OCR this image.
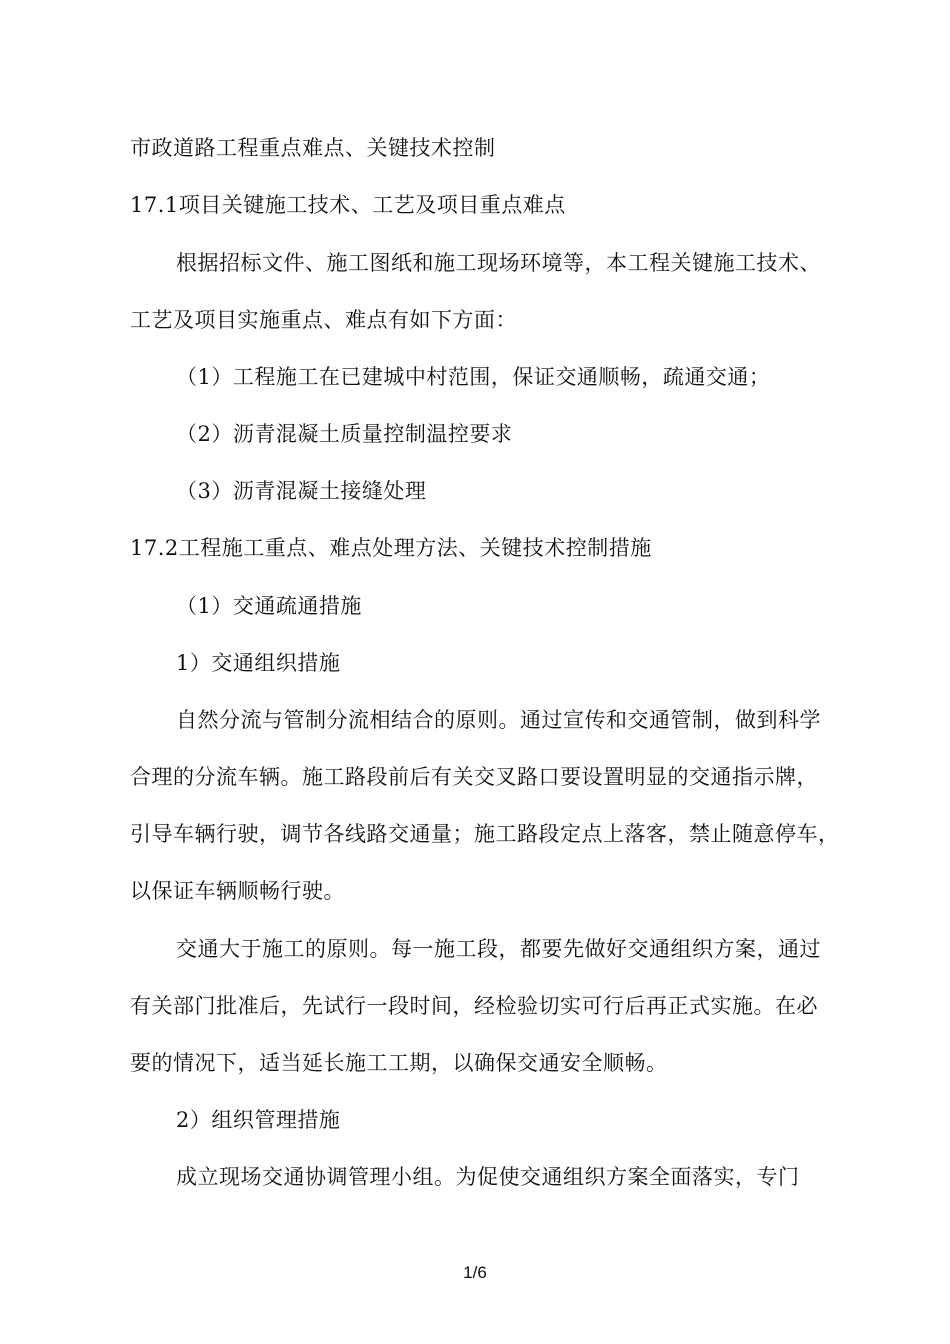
市政道路工程重点难点、关键技术控制
17.1项目关键施工技术、工艺及项目重点难点
根据招标文件、施工图纸和施工现场环境等，本工程关键施工技术、
工艺及项目实施重点、难点有如下方面：
（1）工程施工在已建城中村范围，保证交通顺畅，疏通交通；
（2）沥青混凝土质量控制温控要求
（3）沥青混凝土接缝处理
17.2工程施工重点、难点处理方法、关键技术控制措施
（1）交通疏通措施
1）交通组织措施
自然分流与管制分流相结合的原则。通过宣传和交通管制，做到科学
合理的分流车辆。施工路段前后有关交叉路口要设置明显的交通指示牌，
引导车辆行驶，调节各线路交通量；施工路段定点上落客，禁止随意停车，
以保证车辆顺畅行驶。
交通大于施工的原则。每一施工段，都要先做好交通组织方案，通过
有关部门批准后，先试行一段时间，经检验切实可行后再正式实施。在必
要的情况下，适当延长施工工期，以确保交通安全顺畅。
2）组织管理措施
成立现场交通协调管理小组。为促使交通组织方案全面落实，专门
1/6
